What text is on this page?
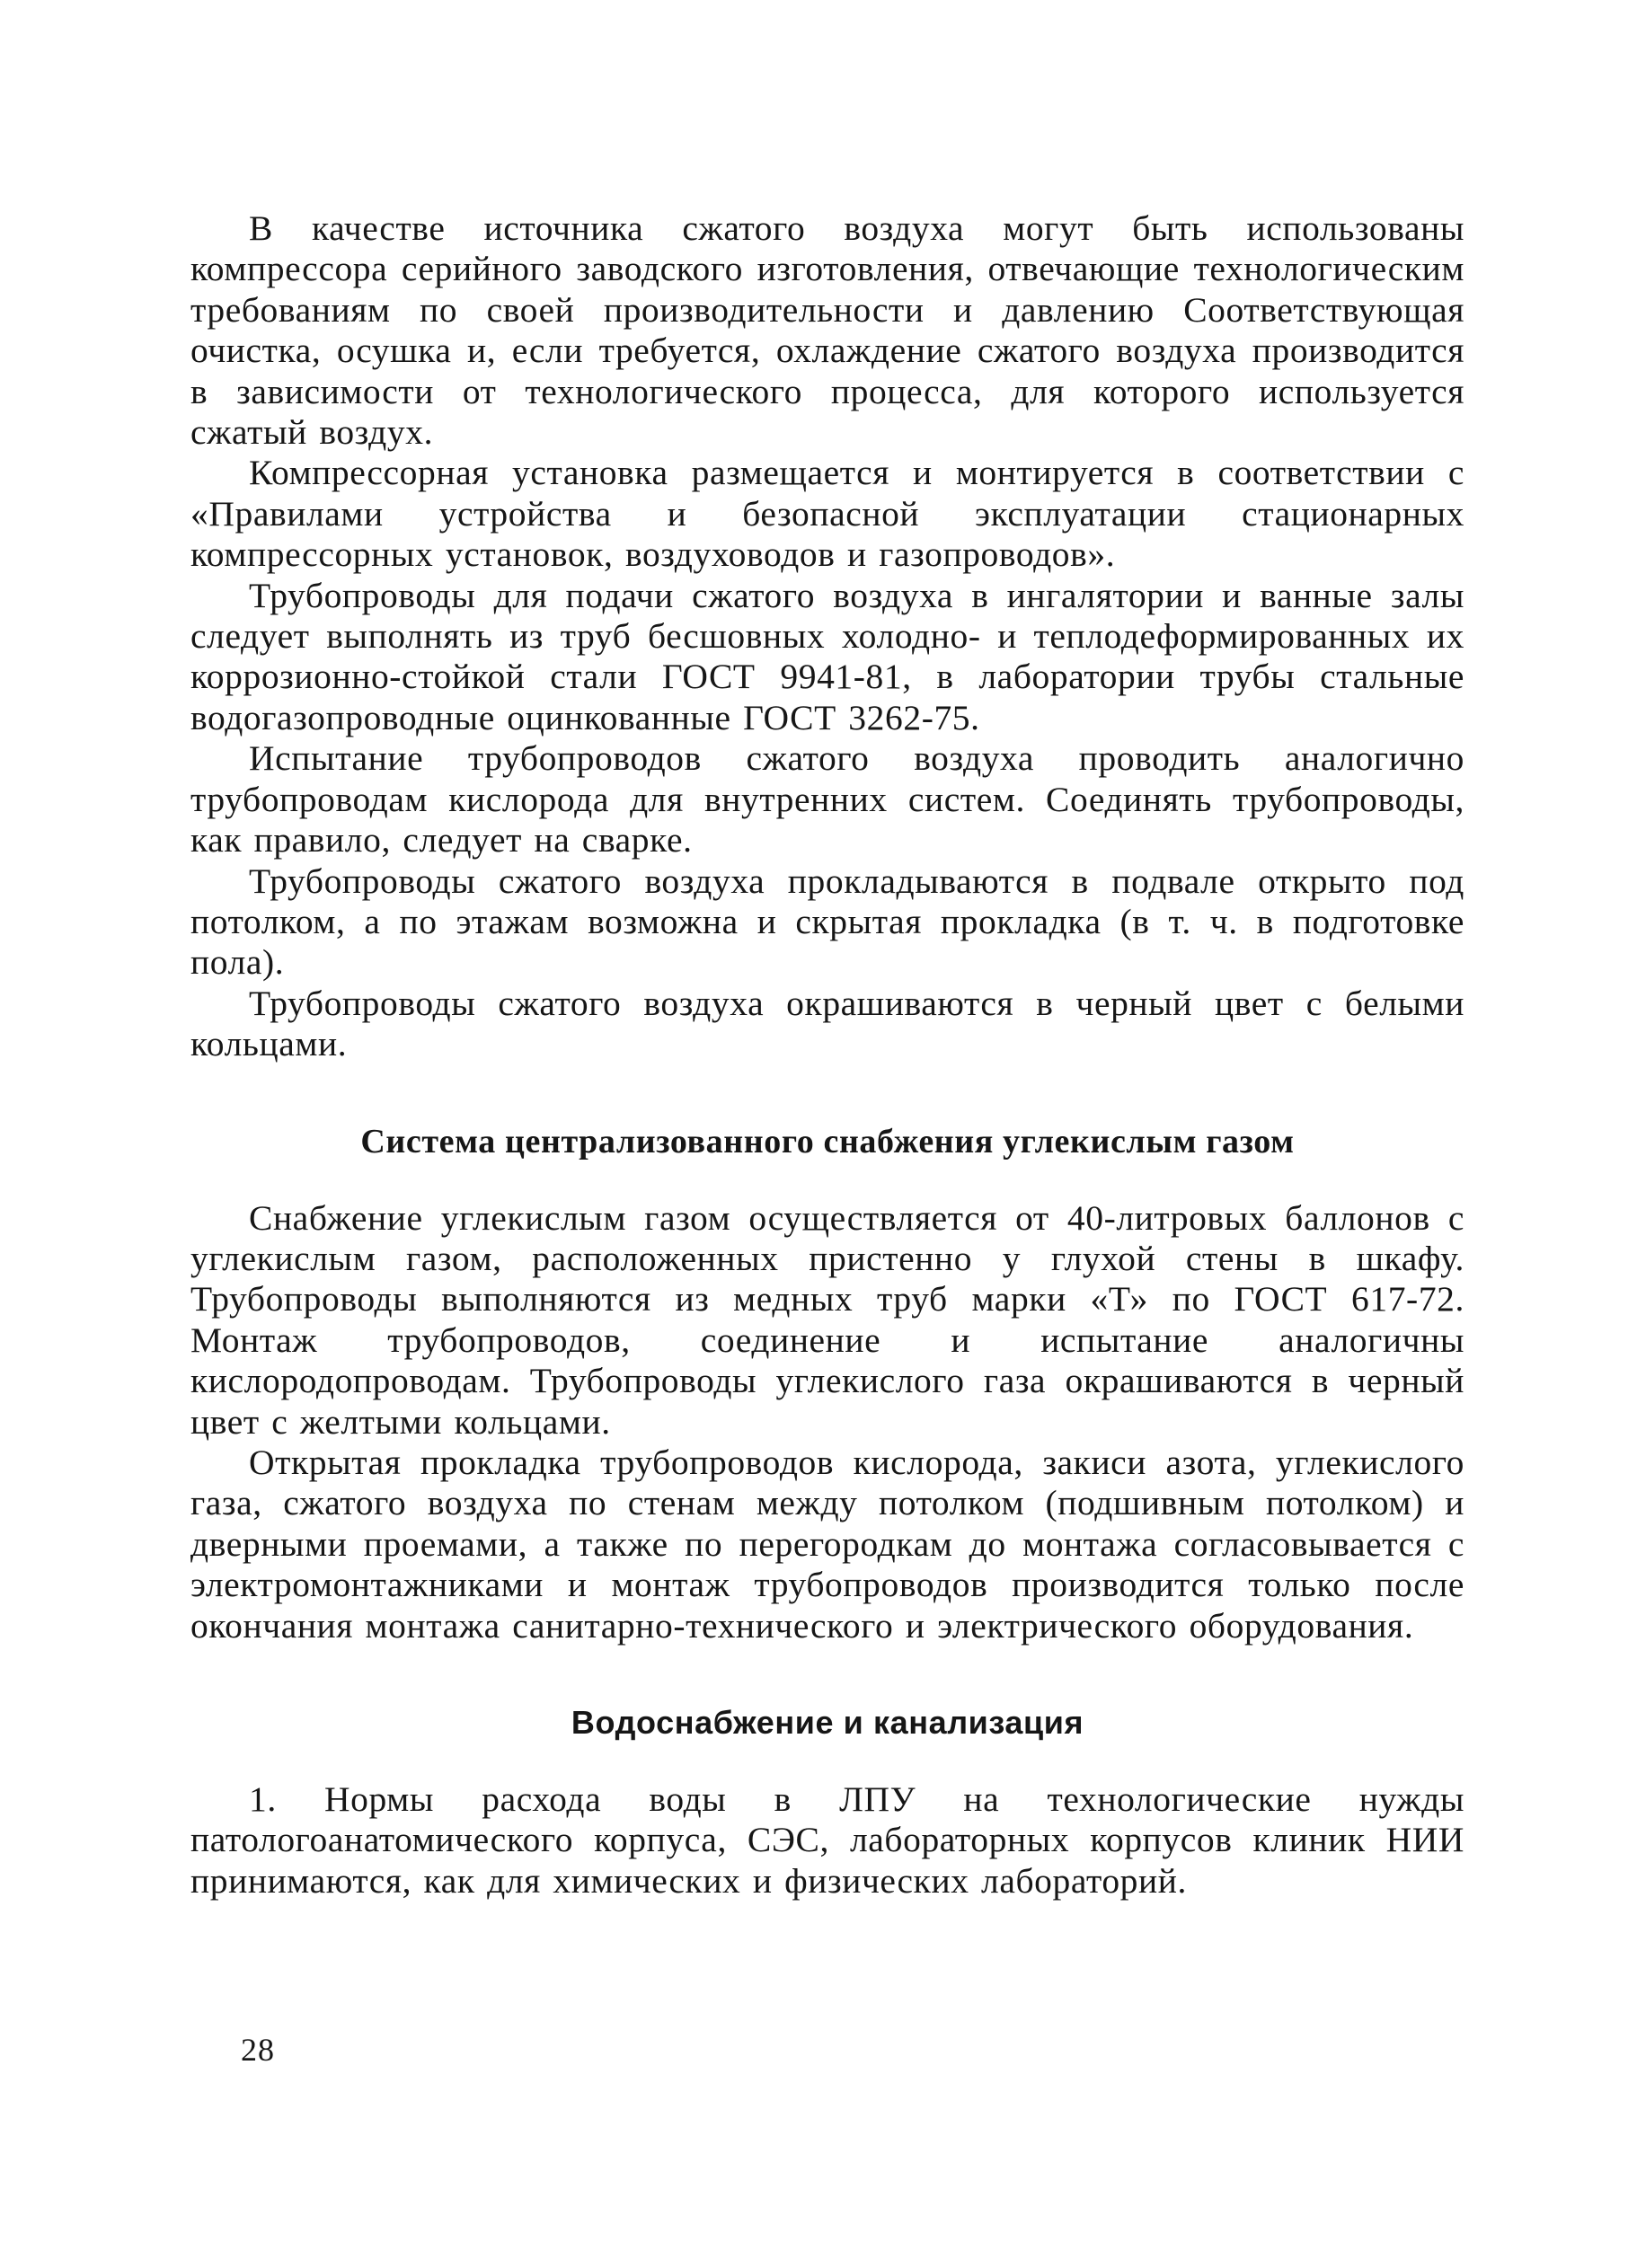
В качестве источника сжатого воздуха могут быть использованы компрессора серийного заводского изготовления, отвечающие технологическим требованиям по своей производительности и давлению Соответствующая очистка, осушка и, если требуется, охлаждение сжатого воздуха производится в зависимости от технологического процесса, для которого используется сжатый воздух.

Компрессорная установка размещается и монтируется в соответствии с «Правилами устройства и безопасной эксплуатации стационарных компрессорных установок, воздуховодов и газопроводов».

Трубопроводы для подачи сжатого воздуха в ингалятории и ванные залы следует выполнять из труб бесшовных холодно- и теплодеформированных их коррозионно-стойкой стали ГОСТ 9941-81, в лаборатории трубы стальные водогазопроводные оцинкованные ГОСТ 3262-75.

Испытание трубопроводов сжатого воздуха проводить аналогично трубопроводам кислорода для внутренних систем. Соединять трубопроводы, как правило, следует на сварке.

Трубопроводы сжатого воздуха прокладываются в подвале открыто под потолком, а по этажам возможна и скрытая прокладка (в т. ч. в подготовке пола).

Трубопроводы сжатого воздуха окрашиваются в черный цвет с белыми кольцами.

Система централизованного снабжения углекислым газом

Снабжение углекислым газом осуществляется от 40-литровых баллонов с углекислым газом, расположенных пристенно у глухой стены в шкафу. Трубопроводы выполняются из медных труб марки «Т» по ГОСТ 617-72. Монтаж трубопроводов, соединение и испытание аналогичны кислородопроводам. Трубопроводы углекислого газа окрашиваются в черный цвет с желтыми кольцами.

Открытая прокладка трубопроводов кислорода, закиси азота, углекислого газа, сжатого воздуха по стенам между потолком (подшивным потолком) и дверными проемами, а также по перегородкам до монтажа согласовывается с электромонтажниками и монтаж трубопроводов производится только после окончания монтажа санитарно-технического и электрического оборудования.

Водоснабжение и канализация

1. Нормы расхода воды в ЛПУ на технологические нужды патологоанатомического корпуса, СЭС, лабораторных корпусов клиник НИИ принимаются, как для химических и физических лабораторий.

28
